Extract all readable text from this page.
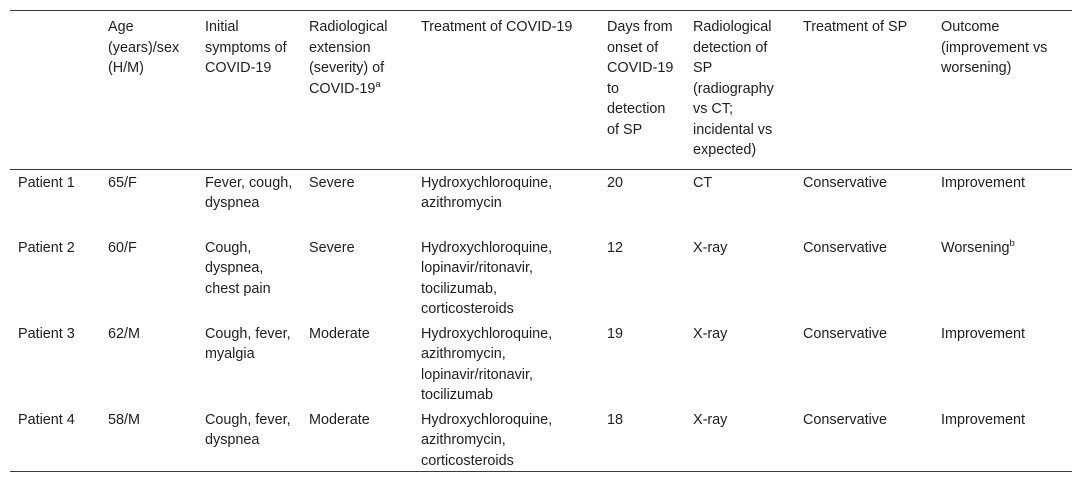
	Age (years)/sex (H/M)	Initial symptoms of COVID-19	Radiological extension (severity) of COVID-19$^a$	Treatment of COVID-19	Days from onset of COVID-19 to detection of SP	Radiological detection of SP (radiography vs CT; incidental vs expected)	Treatment of SP	Outcome (improvement vs worsening)
Patient 1	65/F	Fever, cough, dyspnea	Severe	Hydroxychloroquine, azithromycin	20	CT	Conservative	Improvement
Patient 2	60/F	Cough, dyspnea, chest pain	Severe	Hydroxychloroquine, lopinavir/ritonavir, tocilizumab, corticosteroids	12	X-ray	Conservative	Worsening$^b$
Patient 3	62/M	Cough, fever, myalgia	Moderate	Hydroxychloroquine, azithromycin, lopinavir/ritonavir, tocilizumab	19	X-ray	Conservative	Improvement
Patient 4	58/M	Cough, fever, dyspnea	Moderate	Hydroxychloroquine, azithromycin, corticosteroids	18	X-ray	Conservative	Improvement
